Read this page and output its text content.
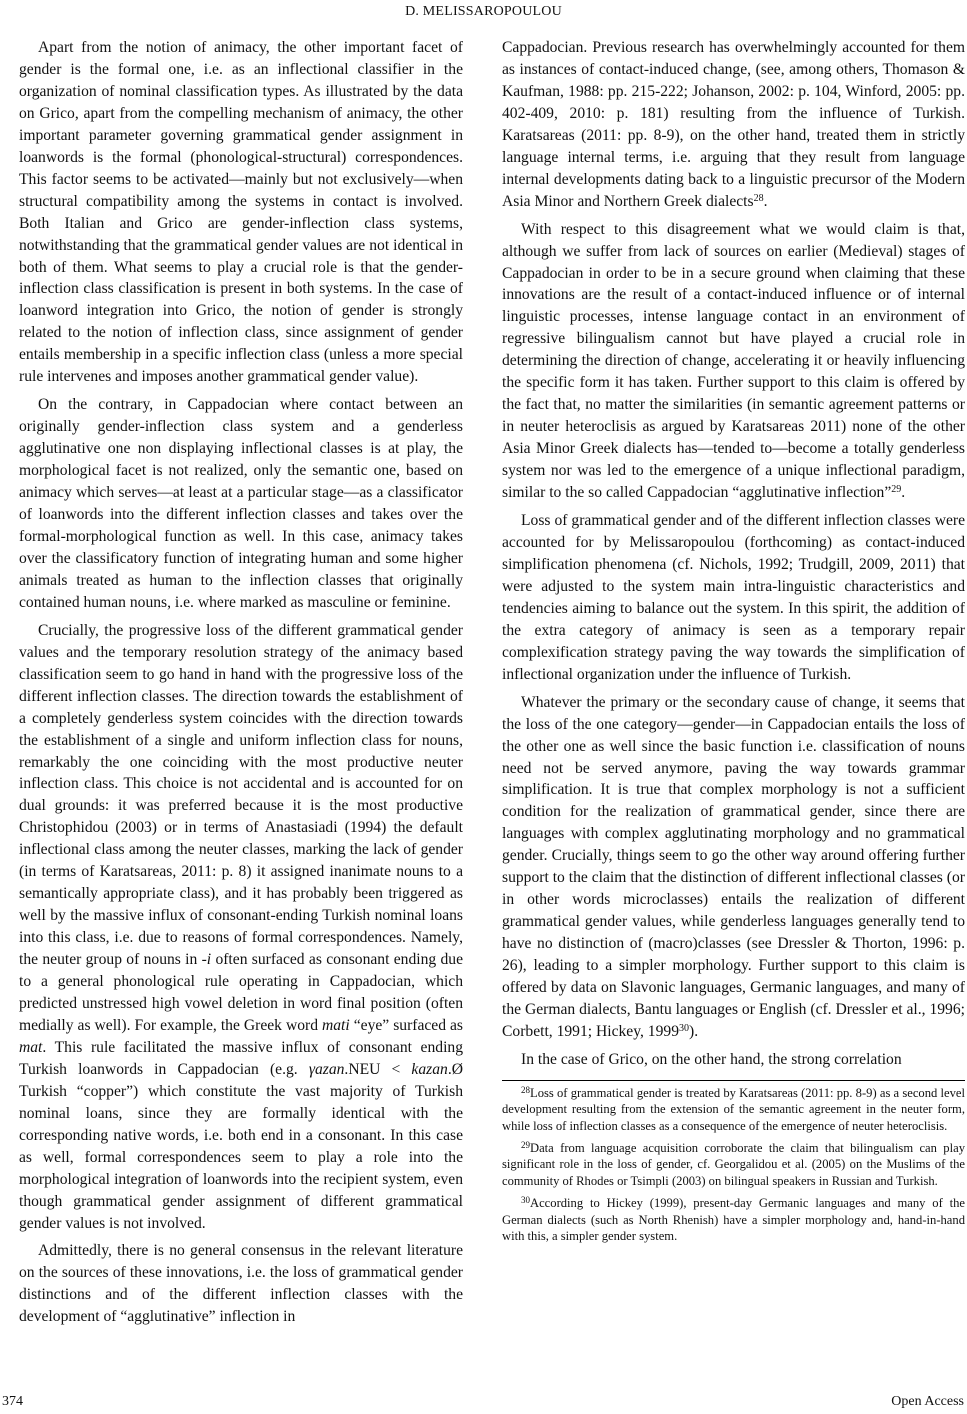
D. MELISSAROPOULOU

Apart from the notion of animacy, the other important facet of gender is the formal one, i.e. as an inflectional classifier in the organization of nominal classification types. As illustrated by the data on Grico, apart from the compelling mechanism of animacy, the other important parameter governing grammatical gender assignment in loanwords is the formal (phonological-structural) correspondences. This factor seems to be activated—mainly but not exclusively—when structural compatibility among the systems in contact is involved. Both Italian and Grico are gender-inflection class systems, notwithstanding that the grammatical gender values are not identical in both of them. What seems to play a crucial role is that the gender-inflection class classification is present in both systems. In the case of loanword integration into Grico, the notion of gender is strongly related to the notion of inflection class, since assignment of gender entails membership in a specific inflection class (unless a more special rule intervenes and imposes another grammatical gender value).

On the contrary, in Cappadocian where contact between an originally gender-inflection class system and a genderless agglutinative one non displaying inflectional classes is at play, the morphological facet is not realized, only the semantic one, based on animacy which serves—at least at a particular stage—as a classificator of loanwords into the different inflection classes and takes over the formal-morphological function as well. In this case, animacy takes over the classificatory function of integrating human and some higher animals treated as human to the inflection classes that originally contained human nouns, i.e. where marked as masculine or feminine.

Crucially, the progressive loss of the different grammatical gender values and the temporary resolution strategy of the animacy based classification seem to go hand in hand with the progressive loss of the different inflection classes. The direction towards the establishment of a completely genderless system coincides with the direction towards the establishment of a single and uniform inflection class for nouns, remarkably the one coinciding with the most productive neuter inflection class. This choice is not accidental and is accounted for on dual grounds: it was preferred because it is the most productive Christophidou (2003) or in terms of Anastasiadi (1994) the default inflectional class among the neuter classes, marking the lack of gender (in terms of Karatsareas, 2011: p. 8) it assigned inanimate nouns to a semantically appropriate class), and it has probably been triggered as well by the massive influx of consonant-ending Turkish nominal loans into this class, i.e. due to reasons of formal correspondences. Namely, the neuter group of nouns in -i often surfaced as consonant ending due to a general phonological rule operating in Cappadocian, which predicted unstressed high vowel deletion in word final position (often medially as well). For example, the Greek word mati “eye” surfaced as mat. This rule facilitated the massive influx of consonant ending Turkish loanwords in Cappadocian (e.g. γazan.NEU < kazan.Ø Turkish “copper”) which constitute the vast majority of Turkish nominal loans, since they are formally identical with the corresponding native words, i.e. both end in a consonant. In this case as well, formal correspondences seem to play a role into the morphological integration of loanwords into the recipient system, even though grammatical gender assignment of different grammatical gender values is not involved.

Admittedly, there is no general consensus in the relevant literature on the sources of these innovations, i.e. the loss of grammatical gender distinctions and of the different inflection classes with the development of “agglutinative” inflection in

Cappadocian. Previous research has overwhelmingly accounted for them as instances of contact-induced change, (see, among others, Thomason & Kaufman, 1988: pp. 215-222; Johanson, 2002: p. 104, Winford, 2005: pp. 402-409, 2010: p. 181) resulting from the influence of Turkish. Karatsareas (2011: pp. 8-9), on the other hand, treated them in strictly language internal terms, i.e. arguing that they result from language internal developments dating back to a linguistic precursor of the Modern Asia Minor and Northern Greek dialects$^{28}$.

With respect to this disagreement what we would claim is that, although we suffer from lack of sources on earlier (Medieval) stages of Cappadocian in order to be in a secure ground when claiming that these innovations are the result of a contact-induced influence or of internal linguistic processes, intense language contact in an environment of regressive bilingualism cannot but have played a crucial role in determining the direction of change, accelerating it or heavily influencing the specific form it has taken. Further support to this claim is offered by the fact that, no matter the similarities (in semantic agreement patterns or in neuter heteroclisis as argued by Karatsareas 2011) none of the other Asia Minor Greek dialects has—tended to—become a totally genderless system nor was led to the emergence of a unique inflectional paradigm, similar to the so called Cappadocian “agglutinative inflection”$^{29}$.

Loss of grammatical gender and of the different inflection classes were accounted for by Melissaropoulou (forthcoming) as contact-induced simplification phenomena (cf. Nichols, 1992; Trudgill, 2009, 2011) that were adjusted to the system main intra-linguistic characteristics and tendencies aiming to balance out the system. In this spirit, the addition of the extra category of animacy is seen as a temporary repair complexification strategy paving the way towards the simplification of inflectional organization under the influence of Turkish.

Whatever the primary or the secondary cause of change, it seems that the loss of the one category—gender—in Cappadocian entails the loss of the other one as well since the basic function i.e. classification of nouns need not be served anymore, paving the way towards grammar simplification. It is true that complex morphology is not a sufficient condition for the realization of grammatical gender, since there are languages with complex agglutinating morphology and no grammatical gender. Crucially, things seem to go the other way around offering further support to the claim that the distinction of different inflectional classes (or in other words microclasses) entails the realization of different grammatical gender values, while genderless languages generally tend to have no distinction of (macro)classes (see Dressler & Thorton, 1996: p. 26), leading to a simpler morphology. Further support to this claim is offered by data on Slavonic languages, Germanic languages, and many of the German dialects, Bantu languages or English (cf. Dressler et al., 1996; Corbett, 1991; Hickey, 1999$^{30}$).

In the case of Grico, on the other hand, the strong correlation

$^{28}$Loss of grammatical gender is treated by Karatsareas (2011: pp. 8-9) as a second level development resulting from the extension of the semantic agreement in the neuter form, while loss of inflection classes as a consequence of the emergence of neuter heteroclisis.

$^{29}$Data from language acquisition corroborate the claim that bilingualism can play significant role in the loss of gender, cf. Georgalidou et al. (2005) on the Muslims of the community of Rhodes or Tsimpli (2003) on bilingual speakers in Russian and Turkish.

$^{30}$According to Hickey (1999), present-day Germanic languages and many of the German dialects (such as North Rhenish) have a simpler morphology and, hand-in-hand with this, a simpler gender system.

374	Open Access
